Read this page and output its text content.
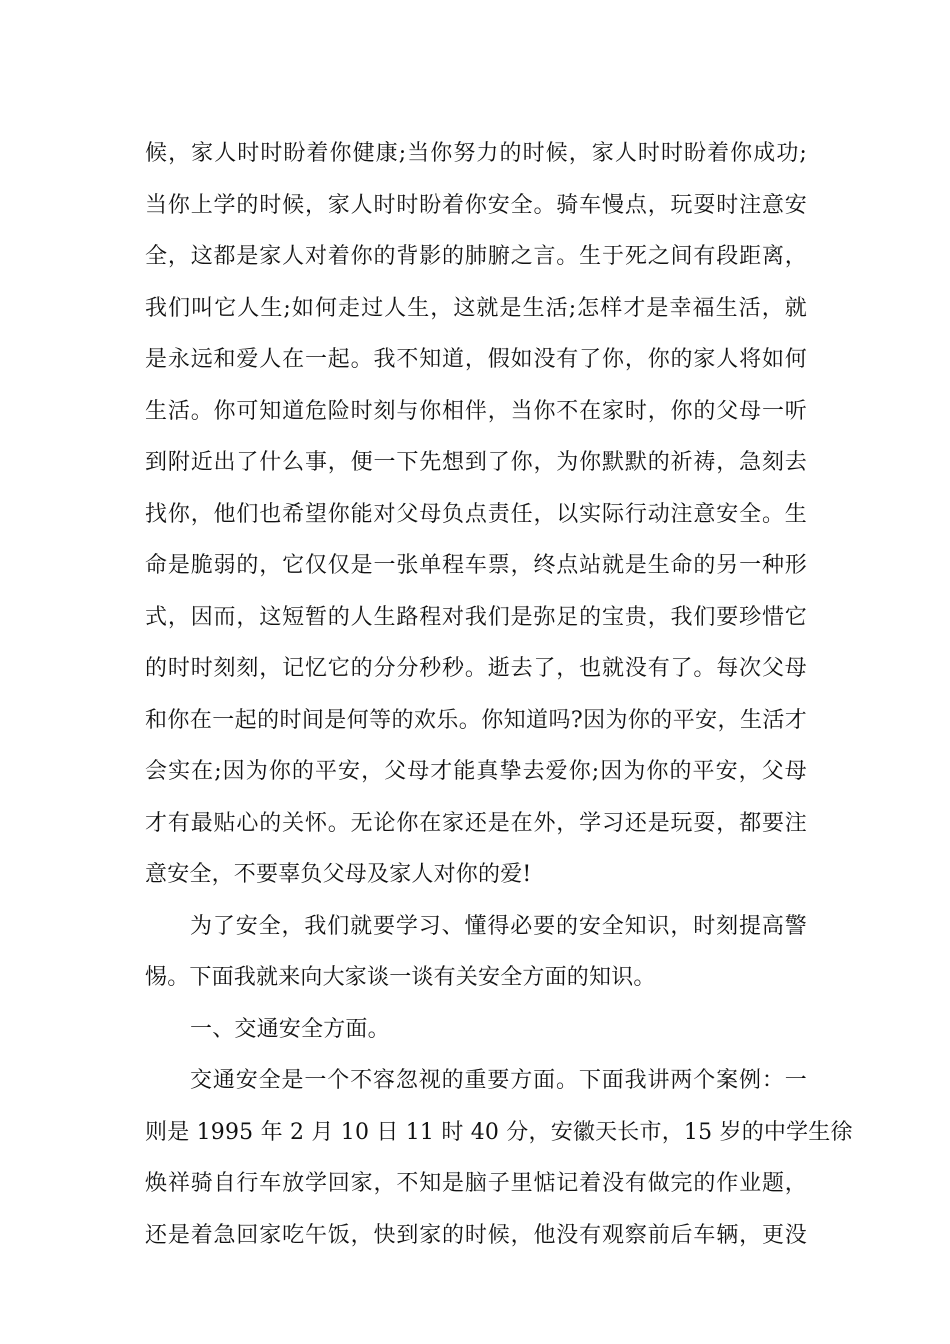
候，家人时时盼着你健康;当你努力的时候，家人时时盼着你成功;
当你上学的时候，家人时时盼着你安全。骑车慢点，玩耍时注意安
全，这都是家人对着你的背影的肺腑之言。生于死之间有段距离，
我们叫它人生;如何走过人生，这就是生活;怎样才是幸福生活，就
是永远和爱人在一起。我不知道，假如没有了你，你的家人将如何
生活。你可知道危险时刻与你相伴，当你不在家时，你的父母一听
到附近出了什么事，便一下先想到了你，为你默默的祈祷，急刻去
找你，他们也希望你能对父母负点责任，以实际行动注意安全。生
命是脆弱的，它仅仅是一张单程车票，终点站就是生命的另一种形
式，因而，这短暂的人生路程对我们是弥足的宝贵，我们要珍惜它
的时时刻刻，记忆它的分分秒秒。逝去了，也就没有了。每次父母
和你在一起的时间是何等的欢乐。你知道吗?因为你的平安，生活才
会实在;因为你的平安，父母才能真挚去爱你;因为你的平安，父母
才有最贴心的关怀。无论你在家还是在外，学习还是玩耍，都要注
意安全，不要辜负父母及家人对你的爱!
为了安全，我们就要学习、懂得必要的安全知识，时刻提高警
惕。下面我就来向大家谈一谈有关安全方面的知识。
一、交通安全方面。
交通安全是一个不容忽视的重要方面。下面我讲两个案例：一
则是 1995 年 2 月 10 日 11 时 40 分，安徽天长市，15 岁的中学生徐
焕祥骑自行车放学回家，不知是脑子里惦记着没有做完的作业题，
还是着急回家吃午饭，快到家的时候，他没有观察前后车辆，更没
